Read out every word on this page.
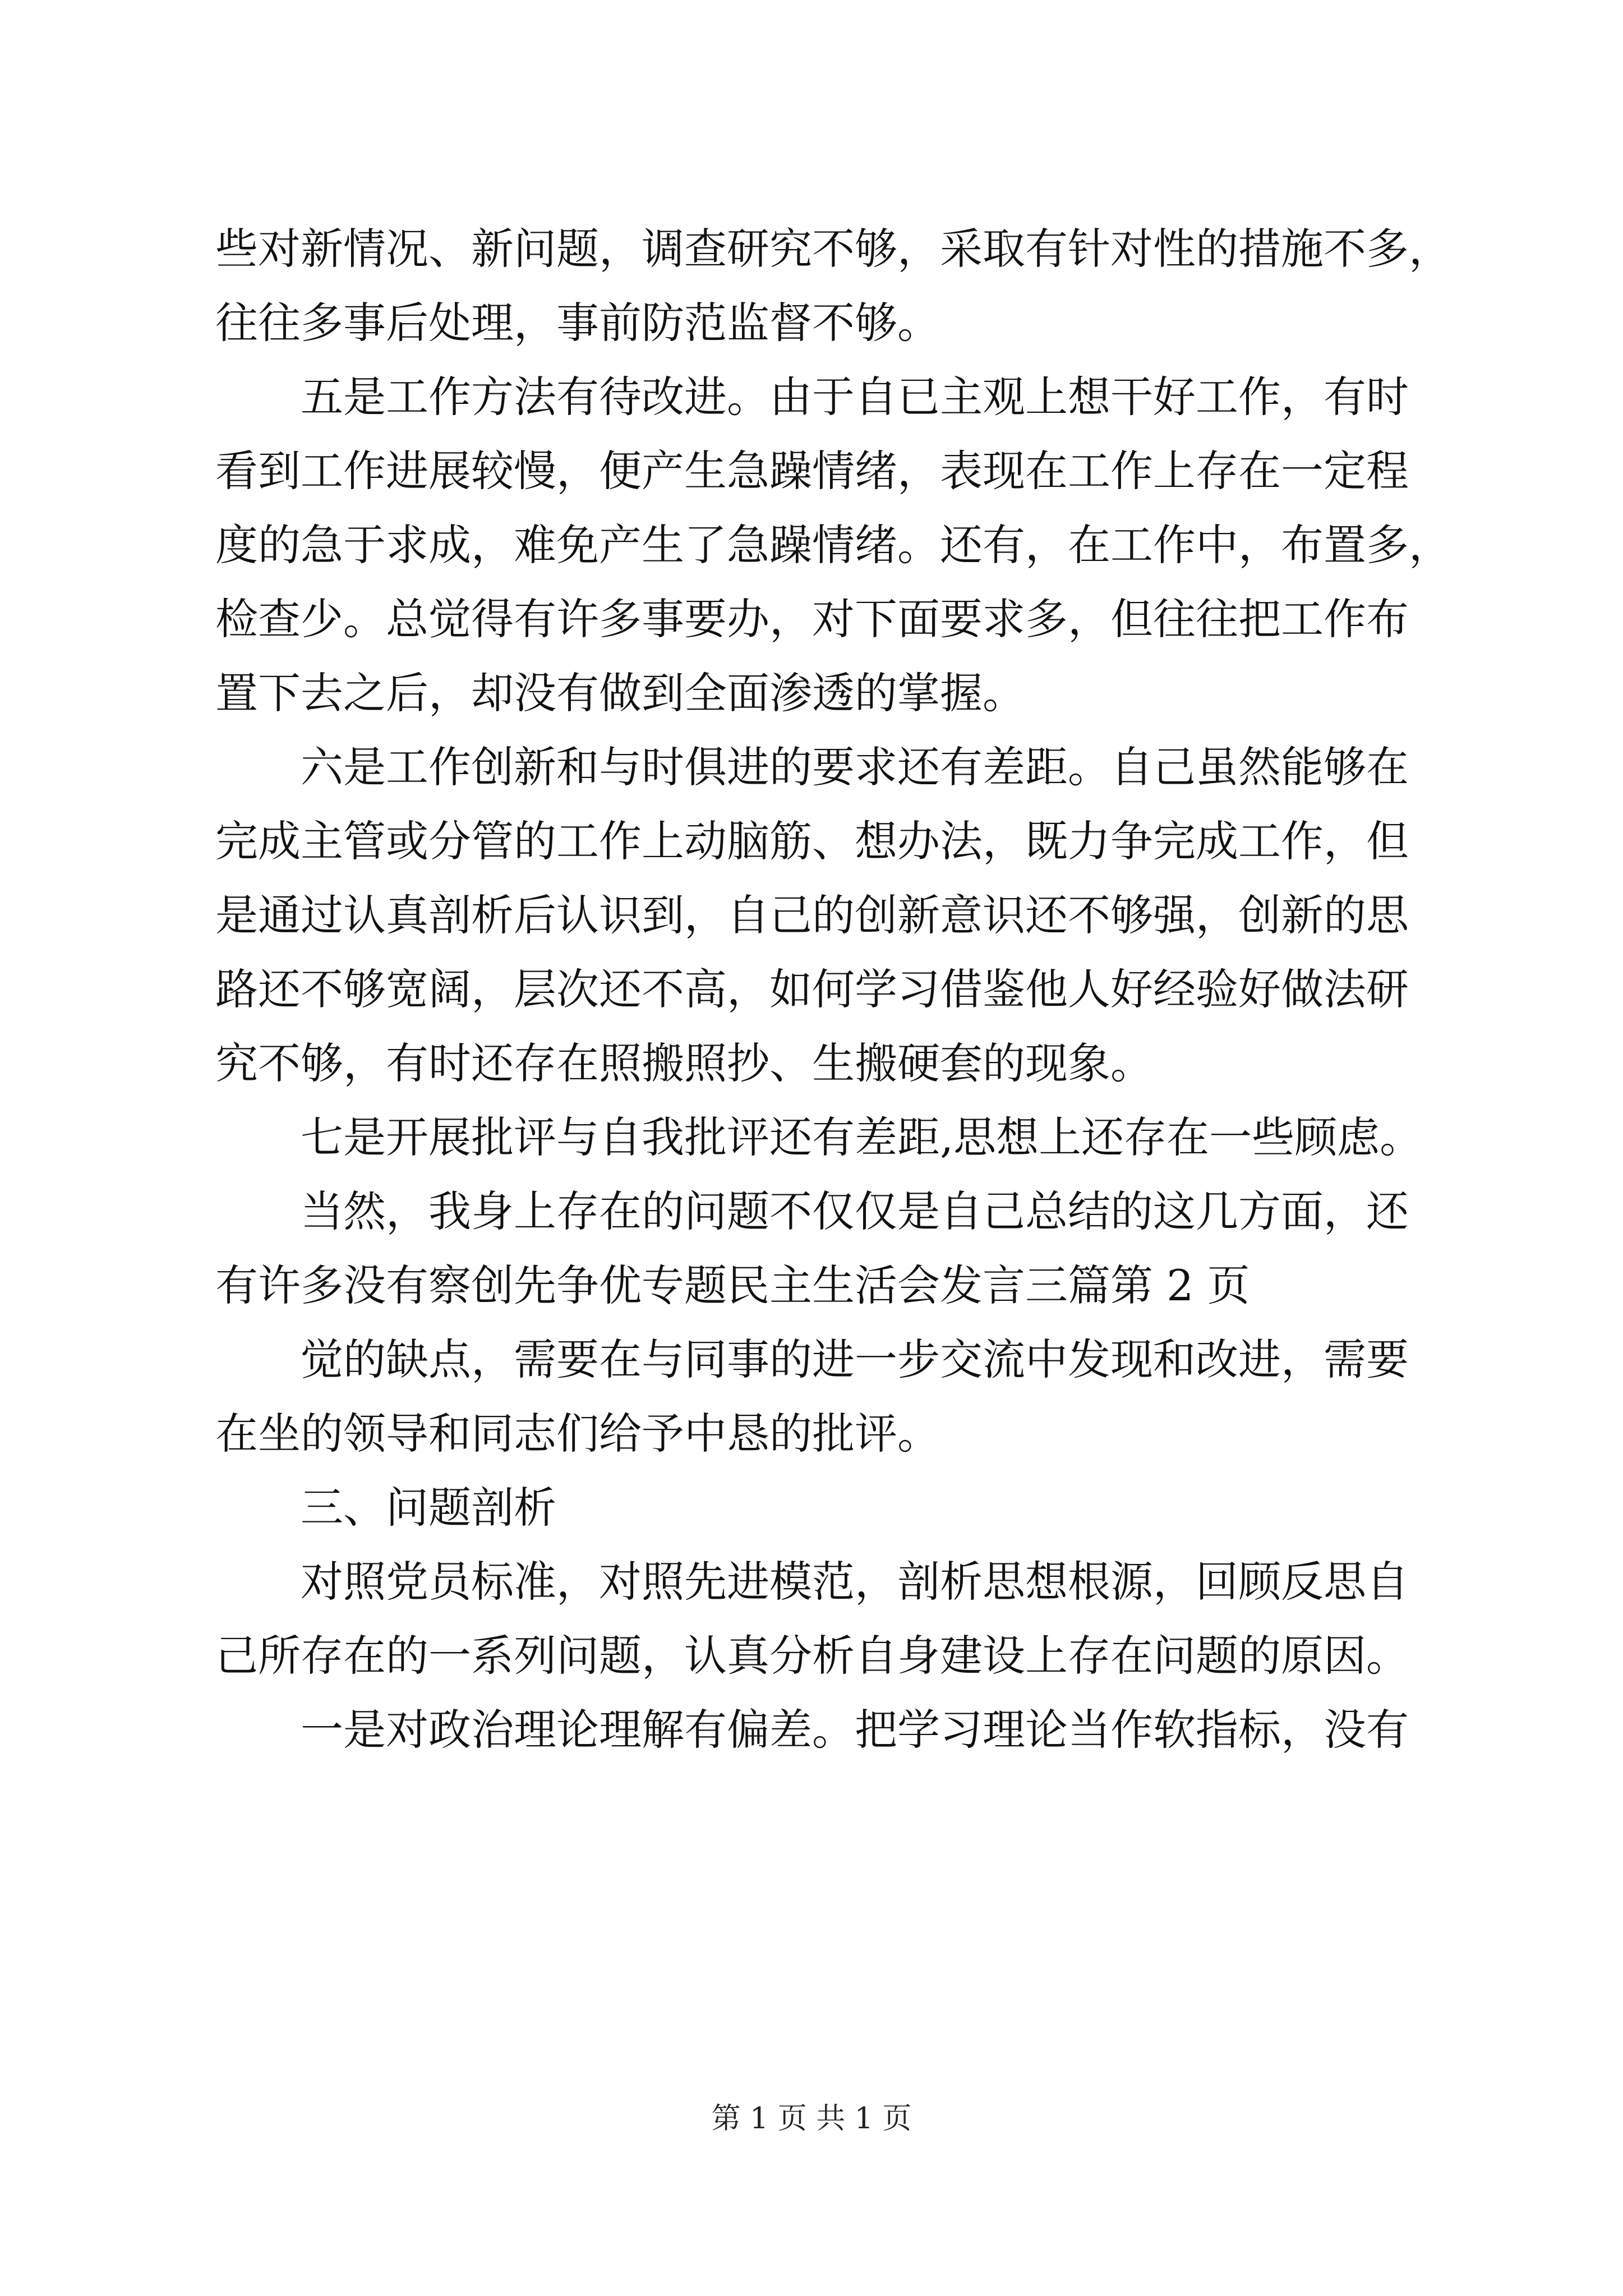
些对新情况、新问题，调查研究不够，采取有针对性的措施不多，
往往多事后处理，事前防范监督不够。
五是工作方法有待改进。由于自已主观上想干好工作，有时
看到工作进展较慢，便产生急躁情绪，表现在工作上存在一定程
度的急于求成，难免产生了急躁情绪。还有，在工作中，布置多，
检查少。总觉得有许多事要办，对下面要求多，但往往把工作布
置下去之后，却没有做到全面渗透的掌握。
六是工作创新和与时俱进的要求还有差距。自己虽然能够在
完成主管或分管的工作上动脑筋、想办法，既力争完成工作，但
是通过认真剖析后认识到，自己的创新意识还不够强，创新的思
路还不够宽阔，层次还不高，如何学习借鉴他人好经验好做法研
究不够，有时还存在照搬照抄、生搬硬套的现象。
七是开展批评与自我批评还有差距,思想上还存在一些顾虑。
当然，我身上存在的问题不仅仅是自己总结的这几方面，还
有许多没有察创先争优专题民主生活会发言三篇第 2 页
觉的缺点，需要在与同事的进一步交流中发现和改进，需要
在坐的领导和同志们给予中恳的批评。
三、问题剖析
对照党员标准，对照先进模范，剖析思想根源，回顾反思自
己所存在的一系列问题，认真分析自身建设上存在问题的原因。
一是对政治理论理解有偏差。把学习理论当作软指标，没有
第 1 页 共 1 页
